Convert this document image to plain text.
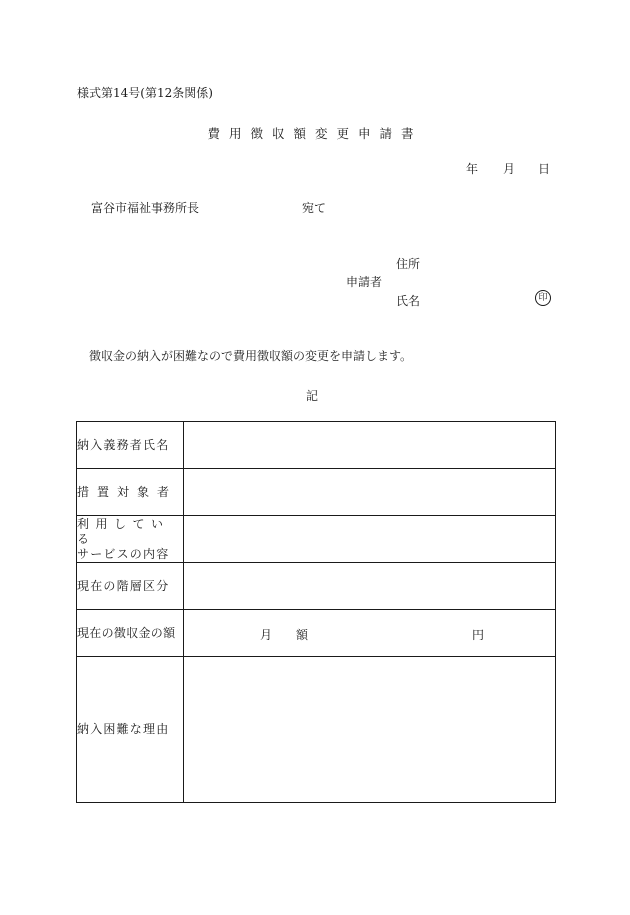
様式第14号(第12条関係)
費用徴収額変更申請書
年 月 日
富谷市福祉事務所長	宛て
住所
申請者
氏名	印
徴収金の納入が困難なので費用徴収額の変更を申請します。
記
納入義務者氏名	
措置対象者	

利用している
サービスの内容	

現在の階層区分	
現在の徴収金の額	月　　額 円

納入困難な理由	
